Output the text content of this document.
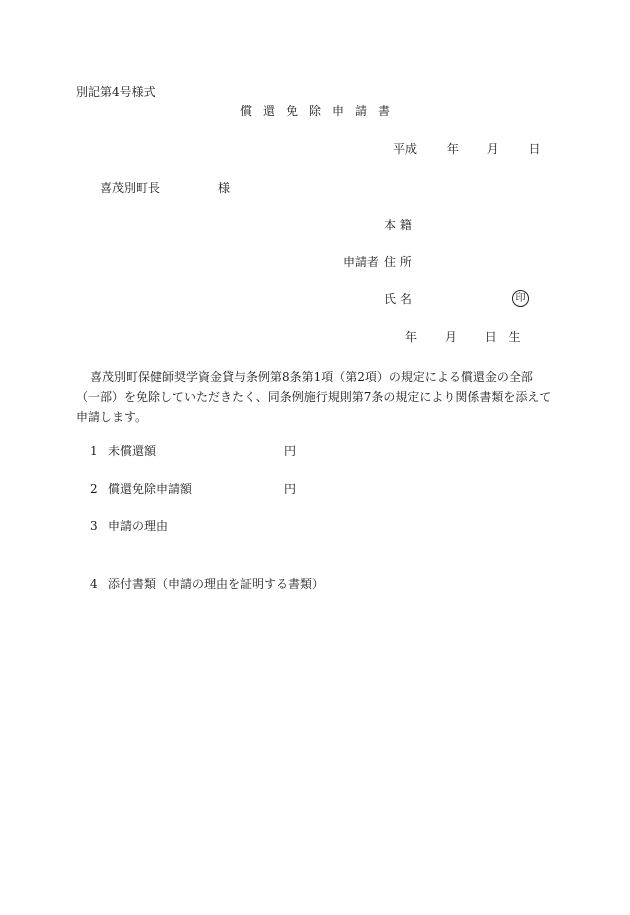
別記第4号様式
償還免除申請書
平成 年 月 日
喜茂別町長	様
本 籍
申請者 住 所
氏 名	印
年 月 日 生
喜茂別町保健師奨学資金貸与条例第8条第1項（第2項）の規定による償還金の全部（一部）を免除していただきたく、同条例施行規則第7条の規定により関係書類を添えて申請します。
1 未償還額	円
2 償還免除申請額	円
3 申請の理由
4 添付書類（申請の理由を証明する書類）
